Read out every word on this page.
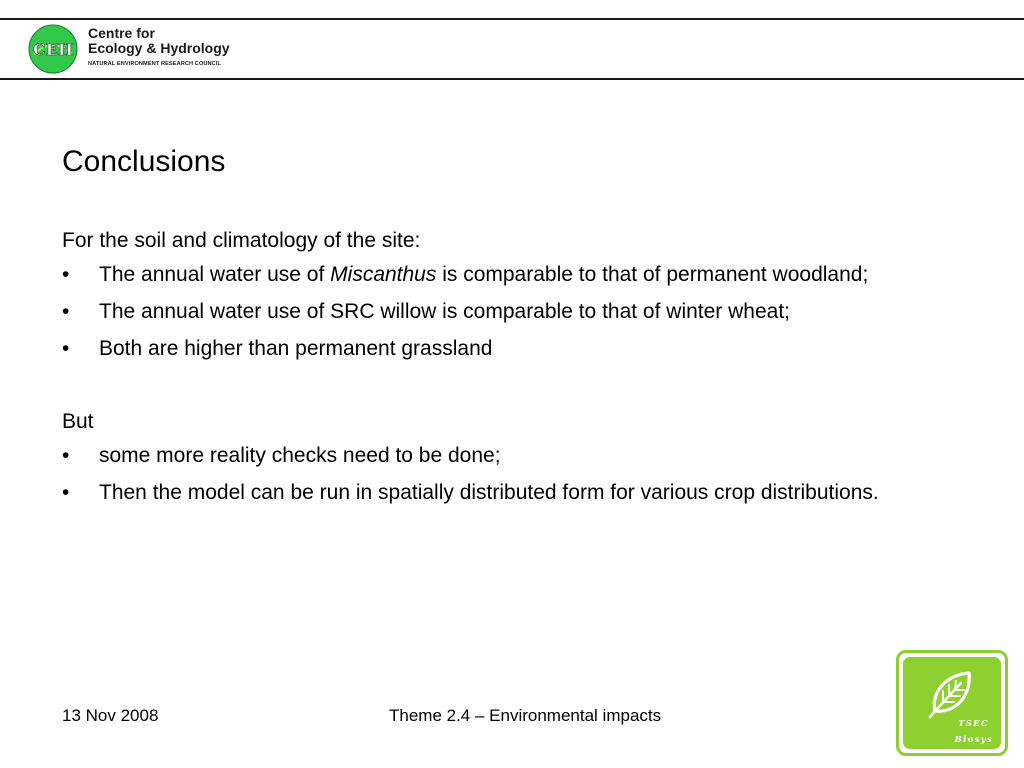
CEH
Centre for
Ecology & Hydrology
NATURAL ENVIRONMENT RESEARCH COUNCIL
Conclusions

For the soil and climatology of the site:

• The annual water use of Miscanthus is comparable to that of permanent woodland;
• The annual water use of SRC willow is comparable to that of winter wheat;
• Both are higher than permanent grassland

But

• some more reality checks need to be done;
• Then the model can be run in spatially distributed form for various crop distributions.
13 Nov 2008	Theme 2.4 – Environmental impacts	TSEC
Biosys
